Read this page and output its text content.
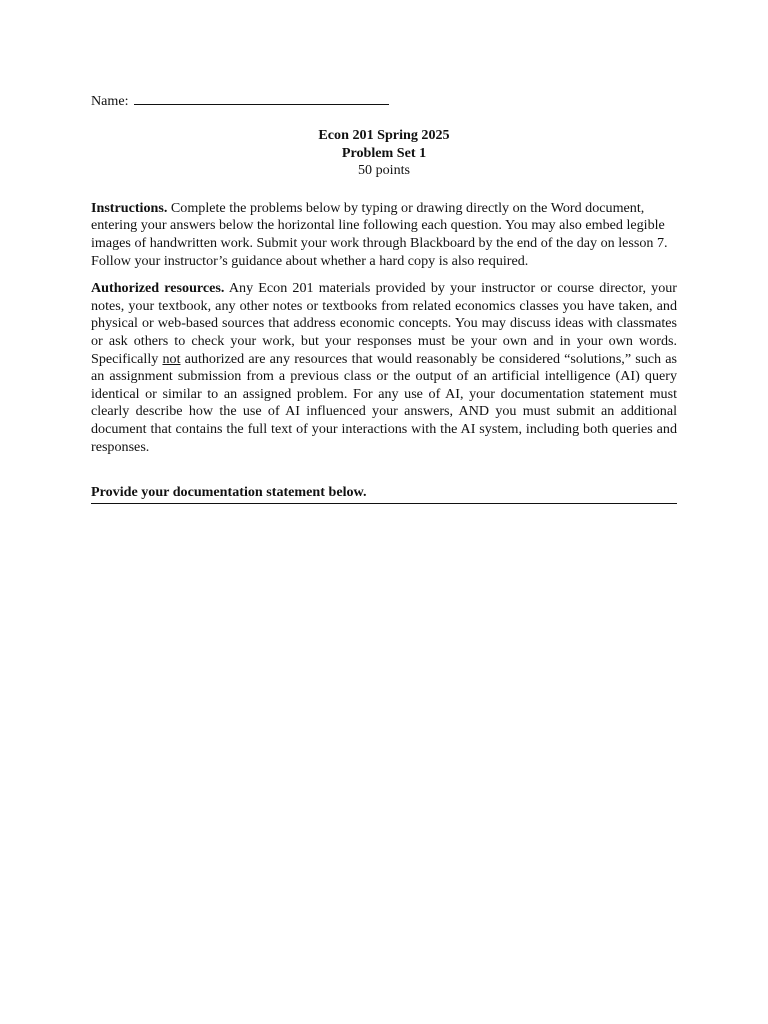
Name:

Econ 201 Spring 2025
Problem Set 1
50 points

Instructions. Complete the problems below by typing or drawing directly on the Word document, entering your answers below the horizontal line following each question. You may also embed legible images of handwritten work. Submit your work through Blackboard by the end of the day on lesson 7. Follow your instructor’s guidance about whether a hard copy is also required.

Authorized resources. Any Econ 201 materials provided by your instructor or course director, your notes, your textbook, any other notes or textbooks from related economics classes you have taken, and physical or web-based sources that address economic concepts. You may discuss ideas with classmates or ask others to check your work, but your responses must be your own and in your own words. Specifically not authorized are any resources that would reasonably be considered “solutions,” such as an assignment submission from a previous class or the output of an artificial intelligence (AI) query identical or similar to an assigned problem. For any use of AI, your documentation statement must clearly describe how the use of AI influenced your answers, AND you must submit an additional document that contains the full text of your interactions with the AI system, including both queries and responses.

Provide your documentation statement below.
